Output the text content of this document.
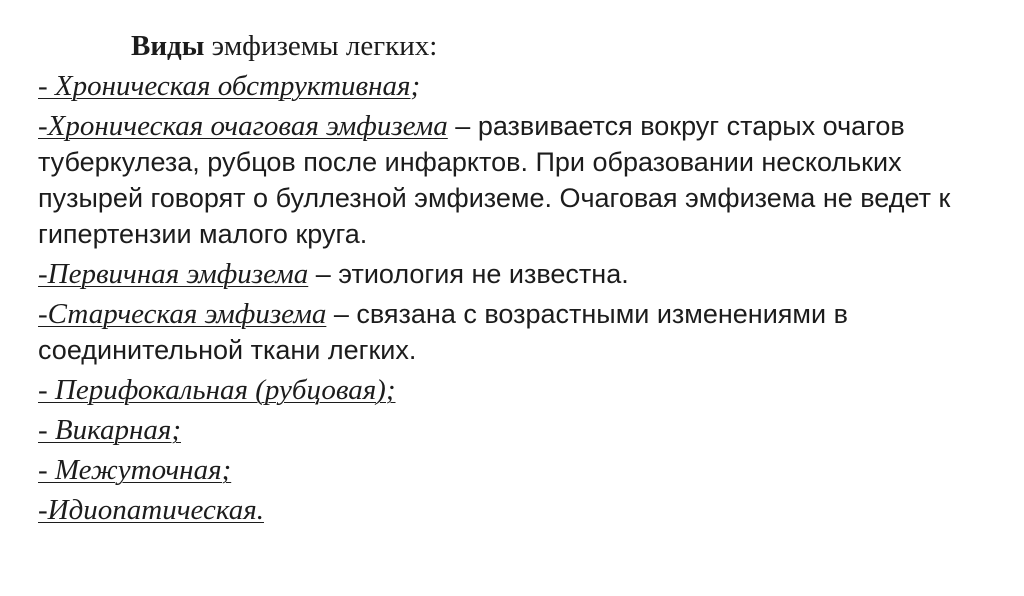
Виды эмфиземы легких:
- Хроническая обструктивная;
-Хроническая очаговая эмфизема – развивается вокруг старых очагов туберкулеза, рубцов после инфарктов. При образовании нескольких пузырей говорят о буллезной эмфиземе. Очаговая эмфизема не ведет к гипертензии малого круга.
-Первичная эмфизема – этиология не известна.
-Старческая эмфизема – связана с возрастными изменениями в соединительной ткани легких.
- Перифокальная (рубцовая);
- Викарная;
- Межуточная;
-Идиопатическая.
